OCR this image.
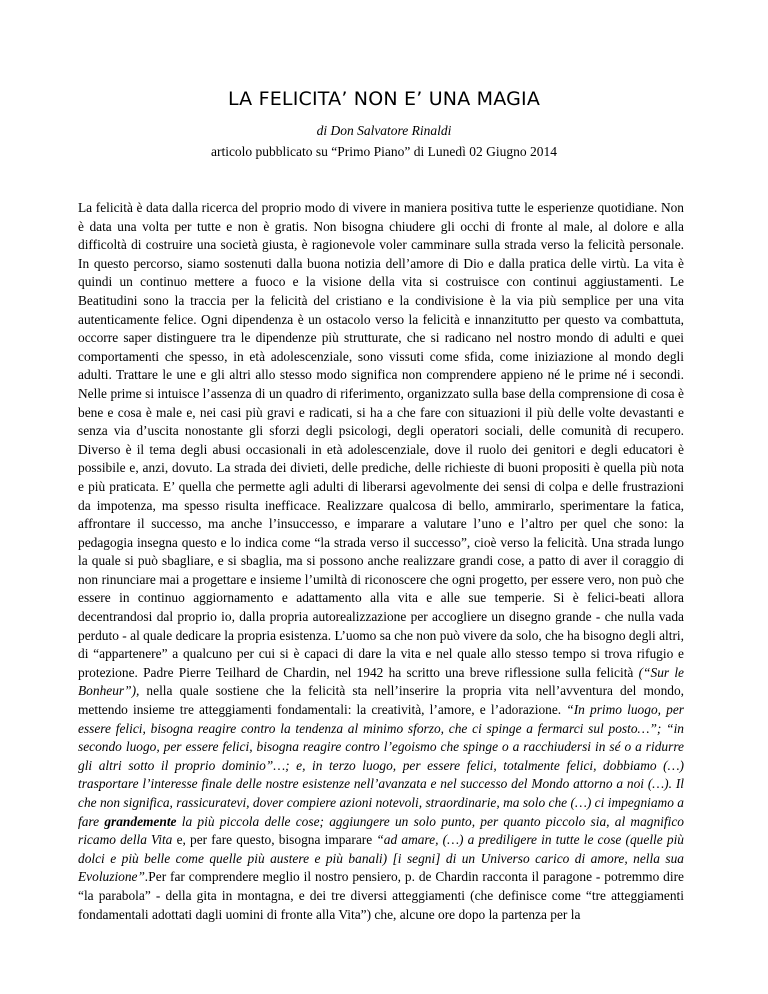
LA FELICITA’ NON E’ UNA MAGIA
di Don Salvatore Rinaldi
articolo pubblicato su “Primo Piano” di Lunedì 02 Giugno 2014

La felicità è data dalla ricerca del proprio modo di vivere in maniera positiva tutte le esperienze quotidiane. Non è data una volta per tutte e non è gratis. Non bisogna chiudere gli occhi di fronte al male, al dolore e alla difficoltà di costruire una società giusta, è ragionevole voler camminare sulla strada verso la felicità personale. In questo percorso, siamo sostenuti dalla buona notizia dell’amore di Dio e dalla pratica delle virtù. La vita è quindi un continuo mettere a fuoco e la visione della vita si costruisce con continui aggiustamenti. Le Beatitudini sono la traccia per la felicità del cristiano e la condivisione è la via più semplice per una vita autenticamente felice. Ogni dipendenza è un ostacolo verso la felicità e innanzitutto per questo va combattuta, occorre saper distinguere tra le dipendenze più strutturate, che si radicano nel nostro mondo di adulti e quei comportamenti che spesso, in età adolescenziale, sono vissuti come sfida, come iniziazione al mondo degli adulti. Trattare le une e gli altri allo stesso modo significa non comprendere appieno né le prime né i secondi. Nelle prime si intuisce l’assenza di un quadro di riferimento, organizzato sulla base della comprensione di cosa è bene e cosa è male e, nei casi più gravi e radicati, si ha a che fare con situazioni il più delle volte devastanti e senza via d’uscita nonostante gli sforzi degli psicologi, degli operatori sociali, delle comunità di recupero. Diverso è il tema degli abusi occasionali in età adolescenziale, dove il ruolo dei genitori e degli educatori è possibile e, anzi, dovuto. La strada dei divieti, delle prediche, delle richieste di buoni propositi è quella più nota e più praticata. E’ quella che permette agli adulti di liberarsi agevolmente dei sensi di colpa e delle frustrazioni da impotenza, ma spesso risulta inefficace. Realizzare qualcosa di bello, ammirarlo, sperimentare la fatica, affrontare il successo, ma anche l’insuccesso, e imparare a valutare l’uno e l’altro per quel che sono: la pedagogia insegna questo e lo indica come “la strada verso il successo”, cioè verso la felicità. Una strada lungo la quale si può sbagliare, e si sbaglia, ma si possono anche realizzare grandi cose, a patto di aver il coraggio di non rinunciare mai a progettare e insieme l’umiltà di riconoscere che ogni progetto, per essere vero, non può che essere in continuo aggiornamento e adattamento alla vita e alle sue temperie. Si è felici-beati allora decentrandosi dal proprio io, dalla propria autorealizzazione per accogliere un disegno grande - che nulla vada perduto - al quale dedicare la propria esistenza. L’uomo sa che non può vivere da solo, che ha bisogno degli altri, di “appartenere” a qualcuno per cui si è capaci di dare la vita e nel quale allo stesso tempo si trova rifugio e protezione. Padre Pierre Teilhard de Chardin, nel 1942 ha scritto una breve riflessione sulla felicità (“Sur le Bonheur”), nella quale sostiene che la felicità sta nell’inserire la propria vita nell’avventura del mondo, mettendo insieme tre atteggiamenti fondamentali: la creatività, l’amore, e l’adorazione. “In primo luogo, per essere felici, bisogna reagire contro la tendenza al minimo sforzo, che ci spinge a fermarci sul posto…”; “in secondo luogo, per essere felici, bisogna reagire contro l’egoismo che spinge o a racchiudersi in sé o a ridurre gli altri sotto il proprio dominio”…; e, in terzo luogo, per essere felici, totalmente felici, dobbiamo (…) trasportare l’interesse finale delle nostre esistenze nell’avanzata e nel successo del Mondo attorno a noi (…). Il che non significa, rassicuratevi, dover compiere azioni notevoli, straordinarie, ma solo che (…) ci impegniamo a fare grandemente la più piccola delle cose; aggiungere un solo punto, per quanto piccolo sia, al magnifico ricamo della Vita e, per fare questo, bisogna imparare “ad amare, (…) a prediligere in tutte le cose (quelle più dolci e più belle come quelle più austere e più banali) [i segni] di un Universo carico di amore, nella sua Evoluzione”.Per far comprendere meglio il nostro pensiero, p. de Chardin racconta il paragone - potremmo dire “la parabola” - della gita in montagna, e dei tre diversi atteggiamenti (che definisce come “tre atteggiamenti fondamentali adottati dagli uomini di fronte alla Vita”) che, alcune ore dopo la partenza per la
